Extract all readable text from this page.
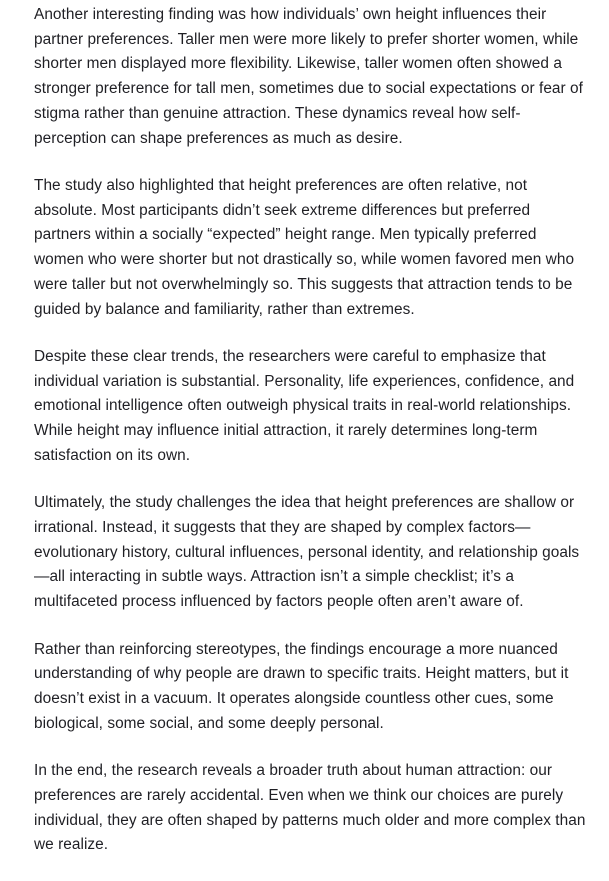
Another interesting finding was how individuals’ own height influences their partner preferences. Taller men were more likely to prefer shorter women, while shorter men displayed more flexibility. Likewise, taller women often showed a stronger preference for tall men, sometimes due to social expectations or fear of stigma rather than genuine attraction. These dynamics reveal how self-perception can shape preferences as much as desire.

The study also highlighted that height preferences are often relative, not absolute. Most participants didn’t seek extreme differences but preferred partners within a socially “expected” height range. Men typically preferred women who were shorter but not drastically so, while women favored men who were taller but not overwhelmingly so. This suggests that attraction tends to be guided by balance and familiarity, rather than extremes.

Despite these clear trends, the researchers were careful to emphasize that individual variation is substantial. Personality, life experiences, confidence, and emotional intelligence often outweigh physical traits in real-world relationships. While height may influence initial attraction, it rarely determines long-term satisfaction on its own.

Ultimately, the study challenges the idea that height preferences are shallow or irrational. Instead, it suggests that they are shaped by complex factors—evolutionary history, cultural influences, personal identity, and relationship goals—all interacting in subtle ways. Attraction isn’t a simple checklist; it’s a multifaceted process influenced by factors people often aren’t aware of.

Rather than reinforcing stereotypes, the findings encourage a more nuanced understanding of why people are drawn to specific traits. Height matters, but it doesn’t exist in a vacuum. It operates alongside countless other cues, some biological, some social, and some deeply personal.

In the end, the research reveals a broader truth about human attraction: our preferences are rarely accidental. Even when we think our choices are purely individual, they are often shaped by patterns much older and more complex than we realize.
